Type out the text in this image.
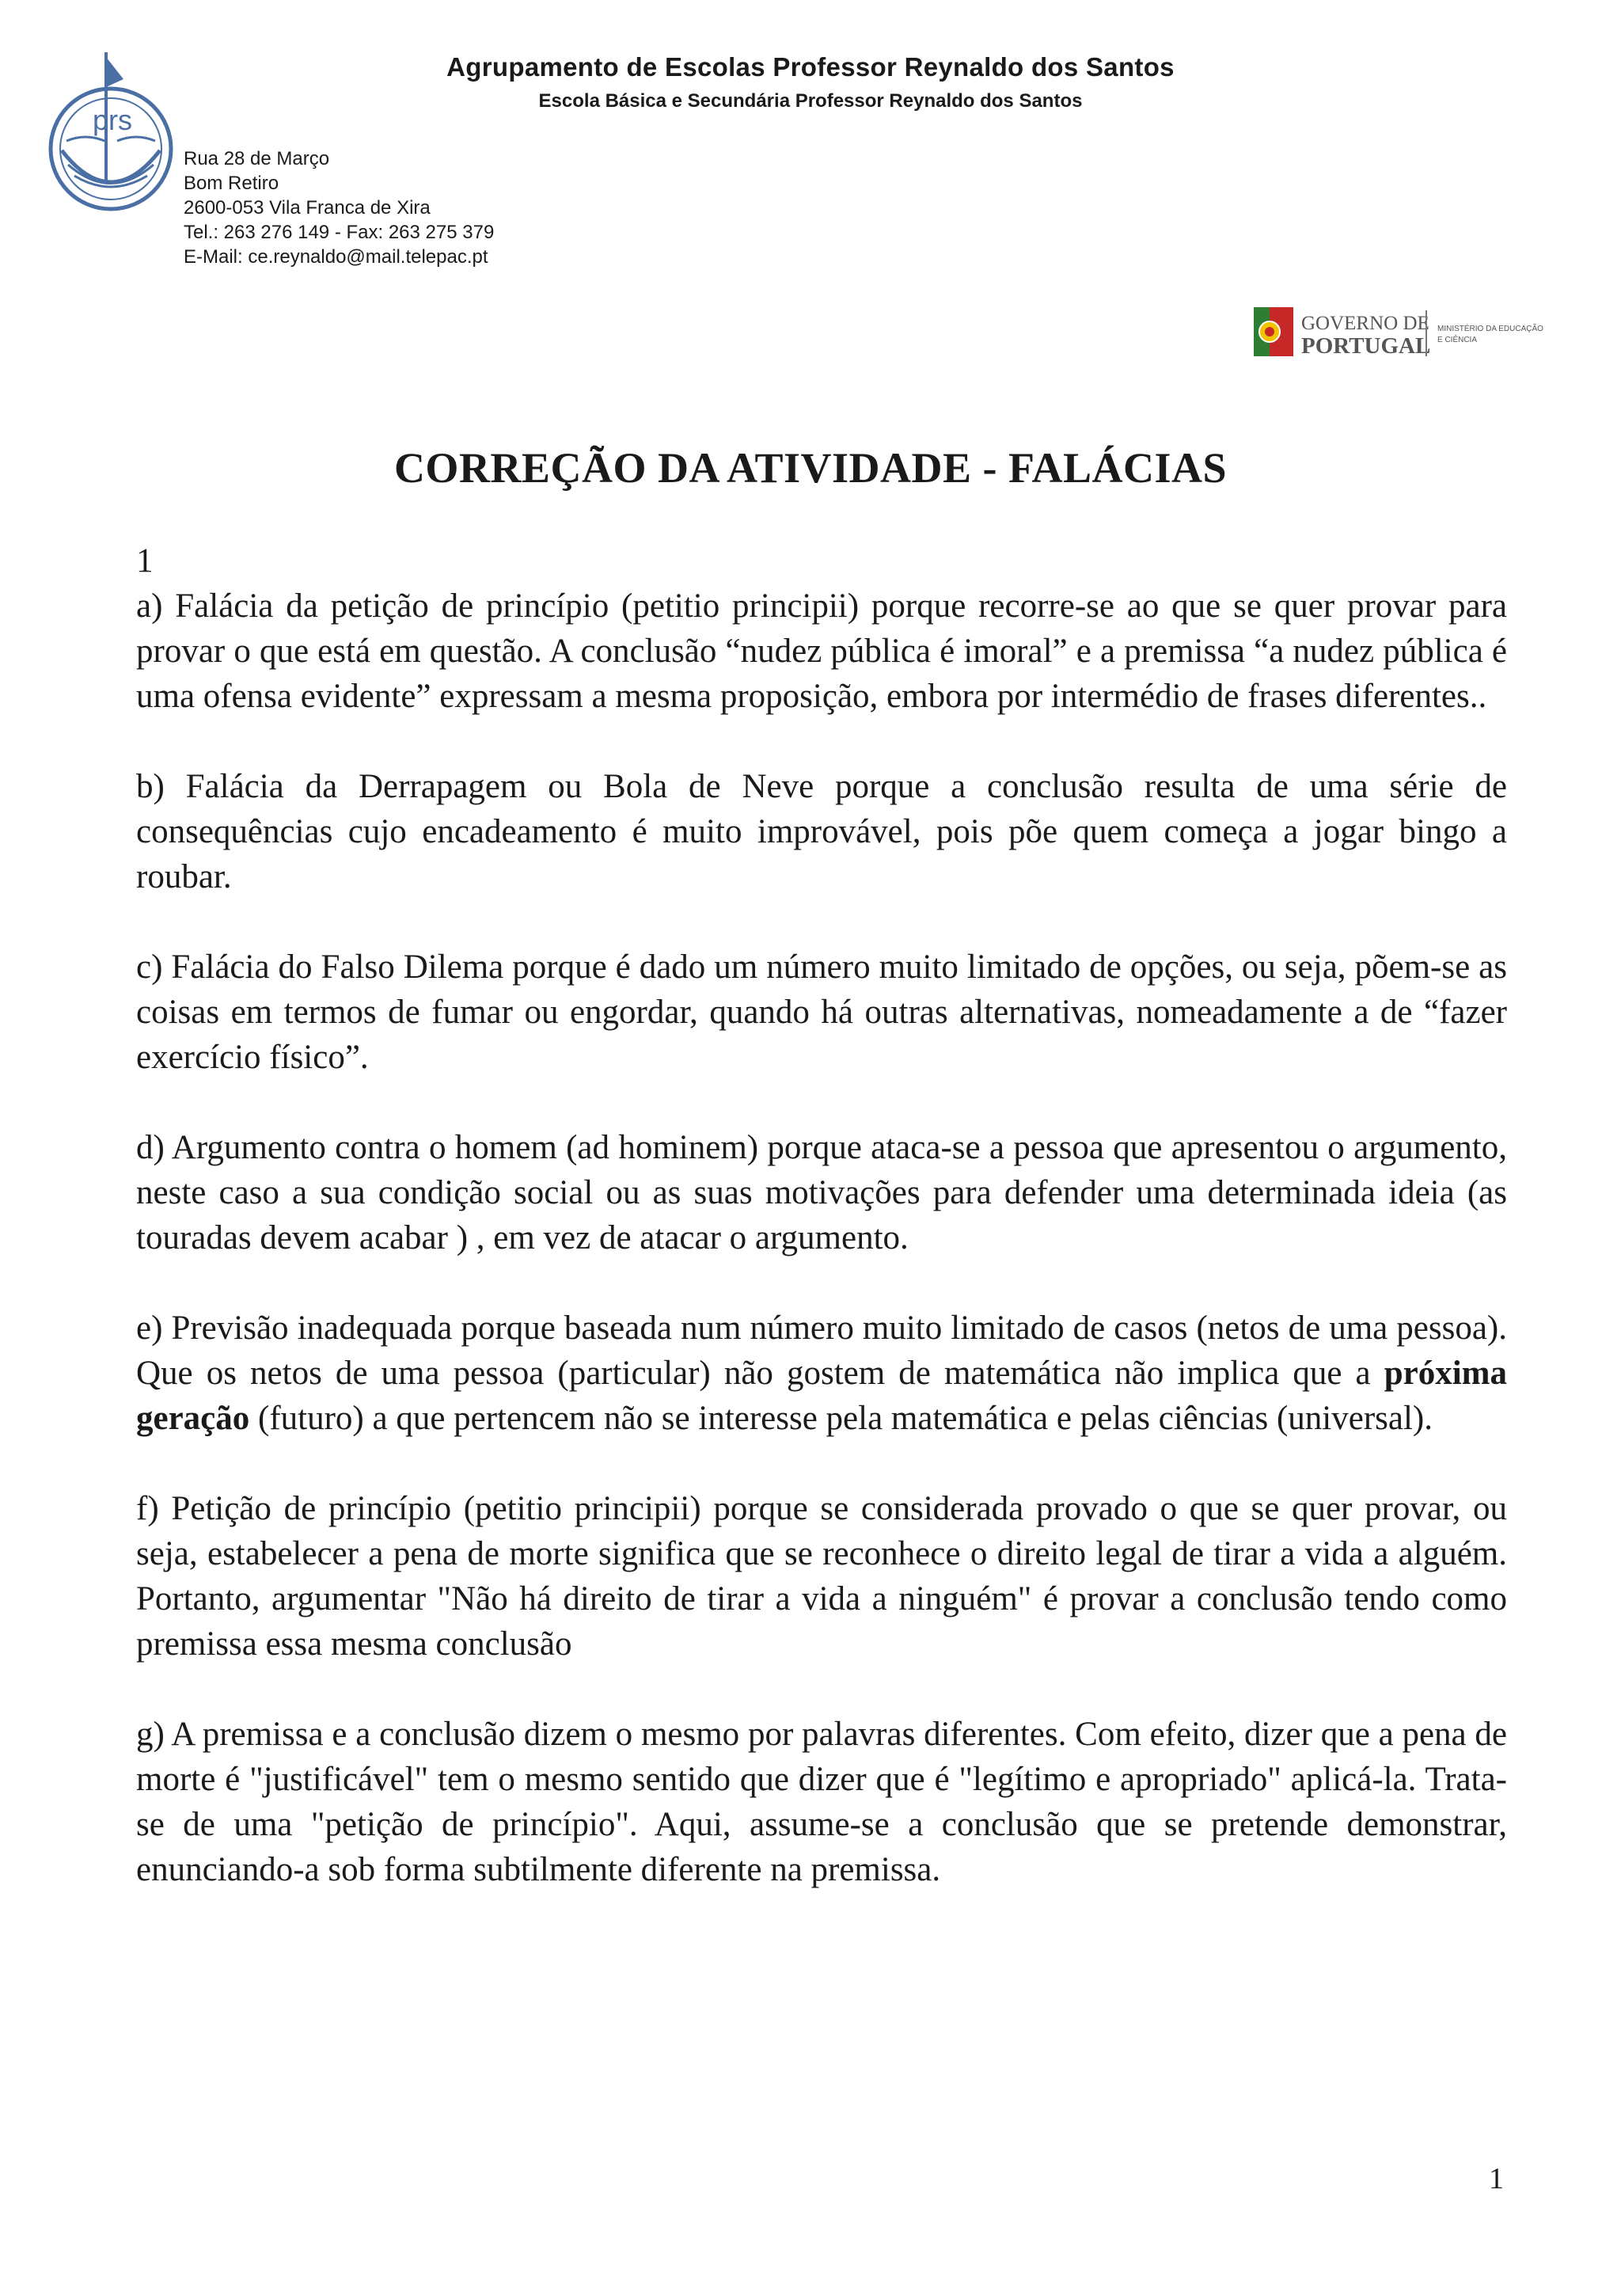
prs
Agrupamento de Escolas Professor Reynaldo dos Santos
Escola Básica e Secundária Professor Reynaldo dos Santos
Rua 28 de Março
Bom Retiro
2600-053 Vila Franca de Xira
Tel.: 263 276 149 - Fax: 263 275 379
E-Mail: ce.reynaldo@mail.telepac.pt
GOVERNO DE
PORTUGAL
MINISTÉRIO DA EDUCAÇÃO
E CIÊNCIA
CORREÇÃO DA ATIVIDADE - FALÁCIAS
1

a) Falácia da petição de princípio (petitio principii) porque recorre-se ao que se quer provar para provar o que está em questão. A conclusão “nudez pública é imoral” e a premissa “a nudez pública é uma ofensa evidente” expressam a mesma proposição, embora por intermédio de frases diferentes..

b) Falácia da Derrapagem ou Bola de Neve porque a conclusão resulta de uma série de consequências cujo encadeamento é muito improvável, pois põe quem começa a jogar bingo a roubar.

c) Falácia do Falso Dilema porque é dado um número muito limitado de opções, ou seja, põem-se as coisas em termos de fumar ou engordar, quando há outras alternativas, nomeadamente a de “fazer exercício físico”.

d) Argumento contra o homem (ad hominem) porque ataca-se a pessoa que apresentou o argumento, neste caso a sua condição social ou as suas motivações para defender uma determinada ideia (as touradas devem acabar ) , em vez de atacar o argumento.

e) Previsão inadequada porque baseada num número muito limitado de casos (netos de uma pessoa). Que os netos de uma pessoa (particular) não gostem de matemática não implica que a próxima geração (futuro) a que pertencem não se interesse pela matemática e pelas ciências (universal).

f) Petição de princípio (petitio principii) porque se considerada provado o que se quer provar, ou seja, estabelecer a pena de morte significa que se reconhece o direito legal de tirar a vida a alguém. Portanto, argumentar "Não há direito de tirar a vida a ninguém" é provar a conclusão tendo como premissa essa mesma conclusão

g) A premissa e a conclusão dizem o mesmo por palavras diferentes. Com efeito, dizer que a pena de morte é "justificável" tem o mesmo sentido que dizer que é "legítimo e apropriado" aplicá-la. Trata-se de uma "petição de princípio". Aqui, assume-se a conclusão que se pretende demonstrar, enunciando-a sob forma subtilmente diferente na premissa.

1
